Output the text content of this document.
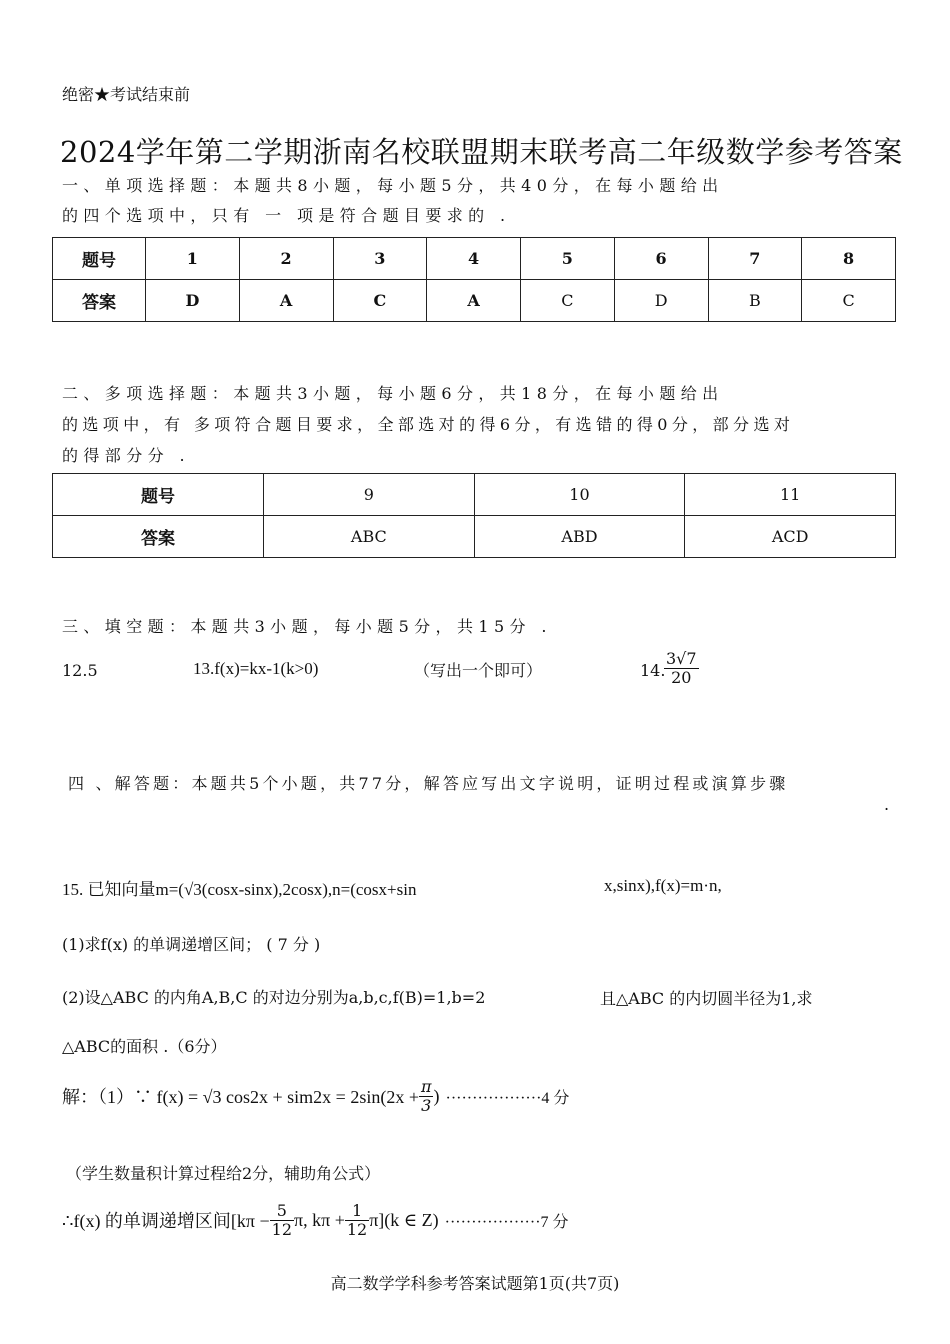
绝密★考试结束前
2024学年第二学期浙南名校联盟期末联考高二年级数学参考答案
一、单项选择题：本题共8小题，每小题5分，共40分，在每小题给出
的四个选项中，只有 一 项是符合题目要求的 .
题号	1	2	3	4	5	6	7	8
答案	D	A	C	A	C	D	B	C
二、多项选择题：本题共3小题，每小题6分，共18分，在每小题给出
的选项中，有 多项符合题目要求，全部选对的得6分，有选错的得0分，部分选对
的得部分分 .
题号	9	10	11
答案	ABC	ABD	ACD
三、填空题：本题共3小题，每小题5分，共15分 .
12.5	13.f(x)=kx-1(k>0)	（写出一个即可）	14.
$\frac{3√7}{20}$
四 、解答题：本题共5个小题，共77分，解答应写出文字说明，证明过程或演算步骤
.
15. 已知向量m=(√3(cosx-sinx),2cosx),n=(cosx+sin	x,sinx),f(x)=m·n,
(1)求f(x) 的单调递增区间； ( 7 分 )
(2)设△ABC 的内角A,B,C 的对边分别为a,b,c,f(B)=1,b=2	且△ABC 的内切圆半径为1,求
△ABC的面积 .（6分）
解：（1）∵ f(x) = √3 $\cos 2x + sim2x = 2\sin(2x + \frac{\pi}{3}$ ) ··················4 分
（学生数量积计算过程给2分，辅助角公式）
∴f(x) 的单调递增区间[$k\pi - \frac{5}{12} \pi$, $k\pi + \frac{1}{12} \pi](k$ ∈ Z) ··················7 分
高二数学学科参考答案试题第1页(共7页)
